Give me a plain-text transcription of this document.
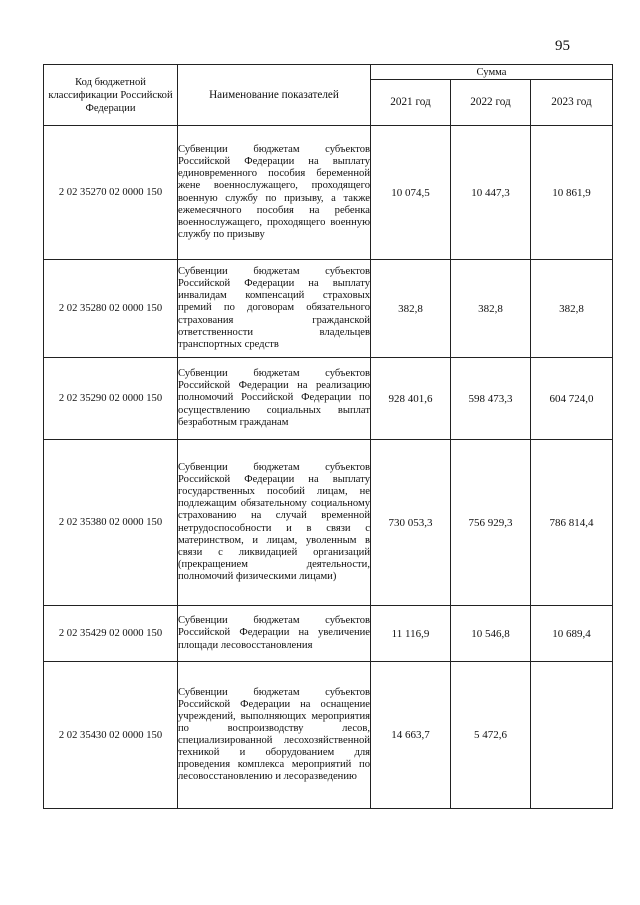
95
Код бюджетной классификации Российской Федерации	Наименование показателей	Сумма		
		2021 год	2022 год	2023 год
2 02 35270 02 0000 150	Субвенции бюджетам субъектов Российской Федерации на выплату единовременного пособия беременной жене военнослужащего, проходящего военную службу по призыву, а также ежемесячного пособия на ребенка военнослужащего, проходящего военную службу по призыву	10 074,5	10 447,3	10 861,9
2 02 35280 02 0000 150	Субвенции бюджетам субъектов Российской Федерации на выплату инвалидам компенсаций страховых премий по договорам обязательного страхования гражданской ответственности владельцев транспортных средств	382,8	382,8	382,8
2 02 35290 02 0000 150	Субвенции бюджетам субъектов Российской Федерации на реализацию полномочий Российской Федерации по осуществлению социальных выплат безработным гражданам	928 401,6	598 473,3	604 724,0
2 02 35380 02 0000 150	Субвенции бюджетам субъектов Российской Федерации на выплату государственных пособий лицам, не подлежащим обязательному социальному страхованию на случай временной нетрудоспособности и в связи с материнством, и лицам, уволенным в связи с ликвидацией организаций (прекращением деятельности, полномочий физическими лицами)	730 053,3	756 929,3	786 814,4
2 02 35429 02 0000 150	Субвенции бюджетам субъектов Российской Федерации на увеличение площади лесовосстановления	11 116,9	10 546,8	10 689,4
2 02 35430 02 0000 150	Субвенции бюджетам субъектов Российской Федерации на оснащение учреждений, выполняющих мероприятия по воспроизводству лесов, специализированной лесохозяйственной техникой и оборудованием для проведения комплекса мероприятий по лесовосстановлению и лесоразведению	14 663,7	5 472,6	
